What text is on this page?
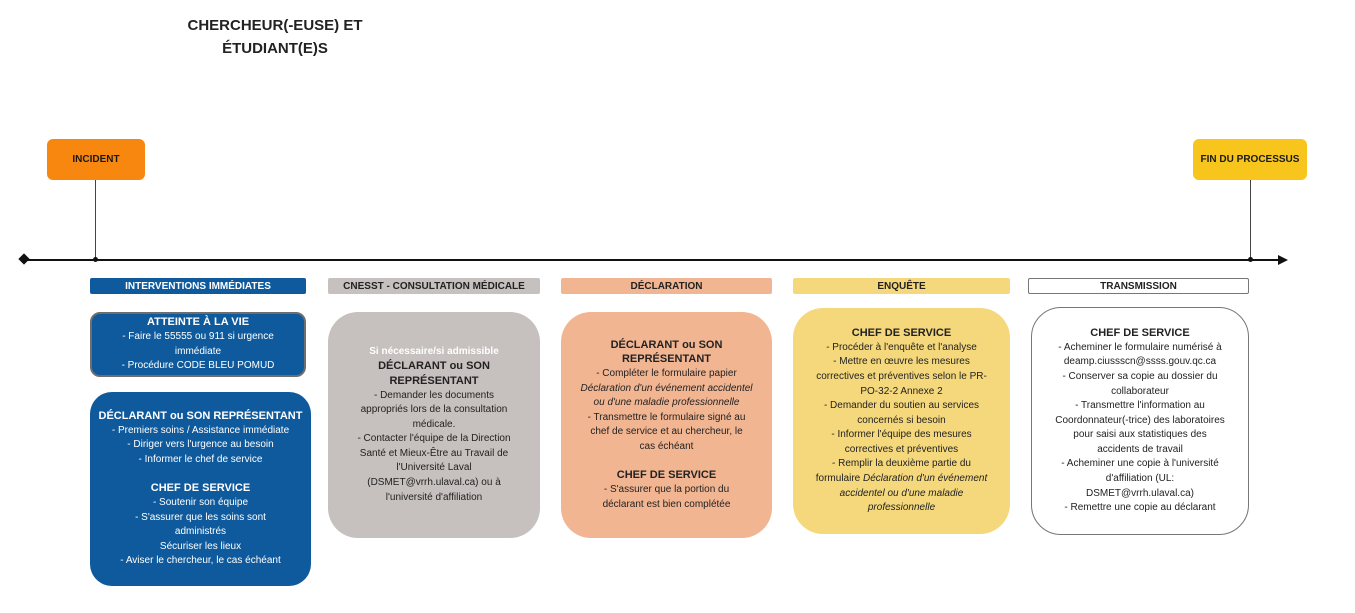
CHERCHEUR(-EUSE) ET
ÉTUDIANT(E)S
INCIDENT	FIN DU PROCESSUS
INTERVENTIONS IMMÉDIATES	CNESST - CONSULTATION MÉDICALE	DÉCLARATION	ENQUÊTE	TRANSMISSION

ATTEINTE À LA VIE

- Faire le 55555 ou 911 si urgence

immédiate

- Procédure CODE BLEU POMUD

DÉCLARANT ou SON REPRÉSENTANT

- Premiers soins / Assistance immédiate

- Diriger vers l'urgence au besoin

- Informer le chef de service

CHEF DE SERVICE

- Soutenir son équipe

- S'assurer que les soins sont

administrés

Sécuriser les lieux

- Aviser le chercheur, le cas échéant

Si nécessaire/si admissible

DÉCLARANT ou SON

REPRÉSENTANT

- Demander les documents

appropriés lors de la consultation

médicale.

- Contacter l'équipe de la Direction

Santé et Mieux-Être au Travail de

l'Université Laval

(DSMET@vrrh.ulaval.ca) ou à

l'université d'affiliation

DÉCLARANT ou SON

REPRÉSENTANT

- Compléter le formulaire papier

Déclaration d'un événement accidentel

ou d'une maladie professionnelle

- Transmettre le formulaire signé au

chef de service et au chercheur, le

cas échéant

CHEF DE SERVICE

- S'assurer que la portion du

déclarant est bien complétée

CHEF DE SERVICE

- Procéder à l'enquête et l'analyse

- Mettre en œuvre les mesures

correctives et préventives selon le PR-

PO-32-2 Annexe 2

- Demander du soutien au services

concernés si besoin

- Informer l'équipe des mesures

correctives et préventives

- Remplir la deuxième partie du

formulaire Déclaration d'un événement

accidentel ou d'une maladie

professionnelle

CHEF DE SERVICE

- Acheminer le formulaire numérisé à

deamp.ciussscn@ssss.gouv.qc.ca

- Conserver sa copie au dossier du

collaborateur

- Transmettre l'information au

Coordonnateur(-trice) des laboratoires

pour saisi aux statistiques des

accidents de travail

- Acheminer une copie à l'université

d'affiliation (UL:

DSMET@vrrh.ulaval.ca)

- Remettre une copie au déclarant
